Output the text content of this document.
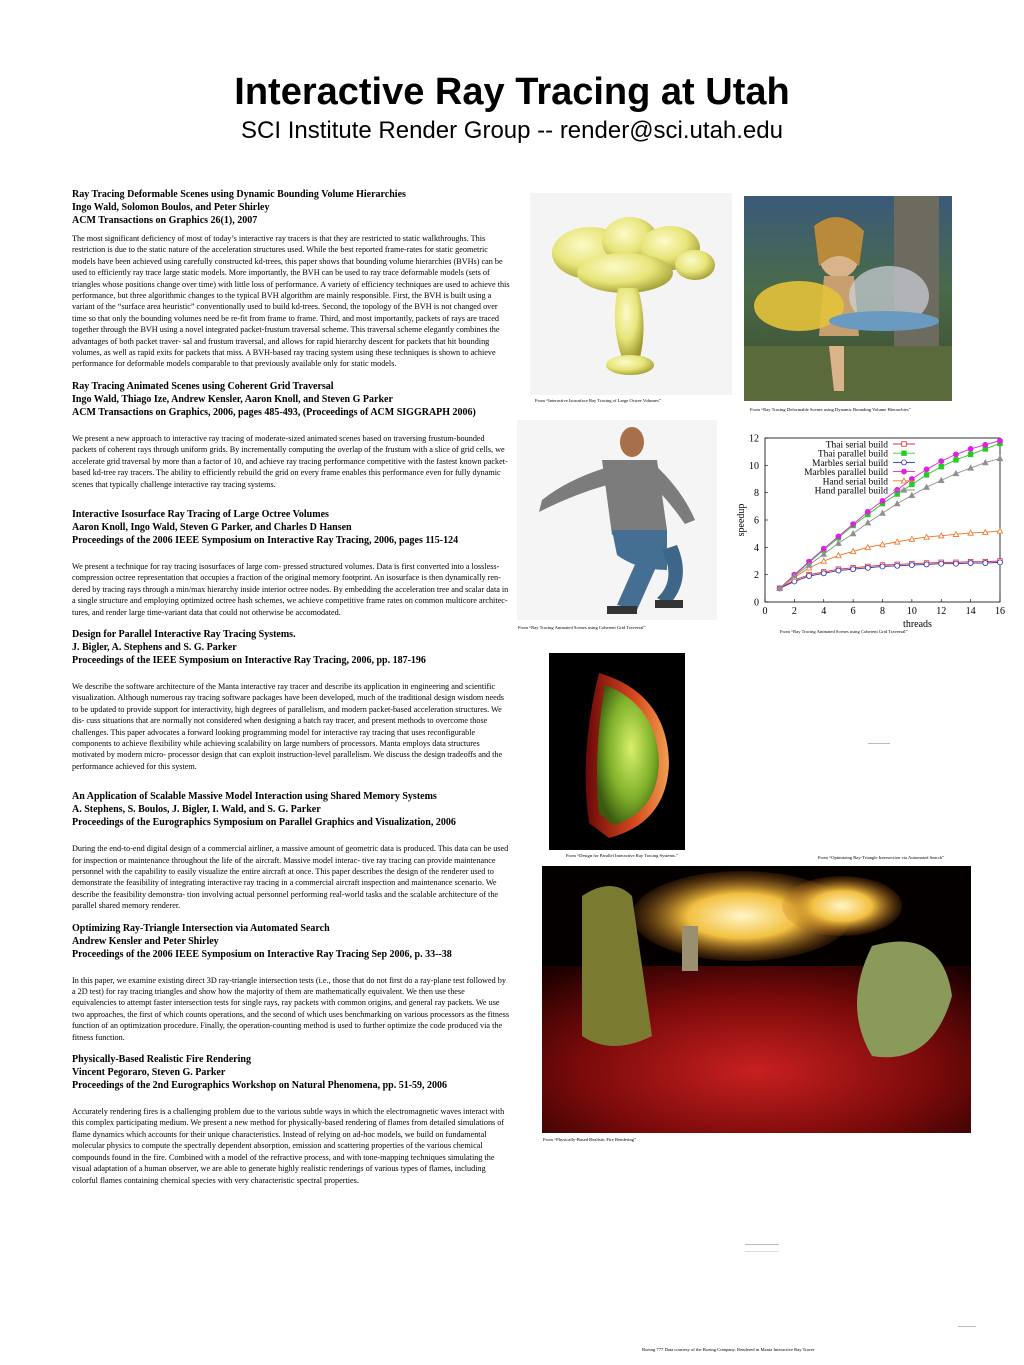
Interactive Ray Tracing at Utah
SCI Institute Render Group -- render@sci.utah.edu
Ray Tracing Deformable Scenes using Dynamic Bounding Volume Hierarchies
Ingo Wald, Solomon Boulos, and Peter Shirley
ACM Transactions on Graphics 26(1), 2007
The most significant deficiency of most of today’s interactive ray tracers is that they are restricted to static walkthroughs. This restriction is due to the static nature of the acceleration structures used. While the best reported frame-rates for static geometric models have been achieved using carefully constructed kd-trees, this paper shows that bounding volume hierarchies (BVHs) can be used to efficiently ray trace large static models. More importantly, the BVH can be used to ray trace deformable models (sets of triangles whose positions change over time) with little loss of performance. A variety of efficiency techniques are used to achieve this performance, but three algorithmic changes to the typical BVH algorithm are mainly responsible. First, the BVH is built using a variant of the “surface area heuristic” conventionally used to build kd-trees. Second, the topology of the BVH is not changed over time so that only the bounding volumes need be re-fit from frame to frame. Third, and most importantly, packets of rays are traced together through the BVH using a novel integrated packet-frustum traversal scheme. This traversal scheme elegantly combines the advantages of both packet traver- sal and frustum traversal, and allows for rapid hierarchy descent for packets that hit bounding volumes, as well as rapid exits for packets that miss. A BVH-based ray tracing system using these techniques is shown to achieve performance for deformable models comparable to that previously available only for static models.
Ray Tracing Animated Scenes using Coherent Grid Traversal
Ingo Wald, Thiago Ize, Andrew Kensler, Aaron Knoll, and Steven G Parker
ACM Transactions on Graphics, 2006, pages 485-493, (Proceedings of ACM SIGGRAPH 2006)
We present a new approach to interactive ray tracing of moderate-sized animated scenes based on traversing frustum-bounded packets of coherent rays through uniform grids. By incrementally computing the overlap of the frustum with a slice of grid cells, we accelerate grid traversal by more than a factor of 10, and achieve ray tracing performance competitive with the fastest known packet-based kd-tree ray tracers. The ability to efficiently rebuild the grid on every frame enables this performance even for fully dynamic scenes that typically challenge interactive ray tracing systems.
Interactive Isosurface Ray Tracing of Large Octree Volumes
Aaron Knoll, Ingo Wald, Steven G Parker, and Charles D Hansen
Proceedings of the 2006 IEEE Symposium on Interactive Ray Tracing, 2006, pages 115-124
We present a technique for ray tracing isosurfaces of large com- pressed structured volumes. Data is first converted into a lossless- compression octree representation that occupies a fraction of the original memory footprint. An isosurface is then dynamically ren- dered by tracing rays through a min/max hierarchy inside interior octree nodes. By embedding the acceleration tree and scalar data in a single structure and employing optimized octree hash schemes, we achieve competitive frame rates on common multicore architec- tures, and render large time-variant data that could not otherwise be accomodated.
Design for Parallel Interactive Ray Tracing Systems.
J. Bigler, A. Stephens and S. G. Parker
Proceedings of the IEEE Symposium on Interactive Ray Tracing, 2006, pp. 187-196
We describe the software architecture of the Manta interactive ray tracer and describe its application in engineering and scientific visualization. Although numerous ray tracing software packages have been developed, much of the traditional design wisdom needs to be updated to provide support for interactivity, high degrees of parallelism, and modern packet-based acceleration structures. We dis- cuss situations that are normally not considered when designing a batch ray tracer, and present methods to overcome those challenges. This paper advocates a forward looking programming model for interactive ray tracing that uses reconfigurable components to achieve flexibility while achieving scalability on large numbers of processors. Manta employs data structures motivated by modern micro- processor design that can exploit instruction-level parallelism. We discuss the design tradeoffs and the performance achieved for this system.
An Application of Scalable Massive Model Interaction using Shared Memory Systems
A. Stephens, S. Boulos, J. Bigler, I. Wald, and S. G. Parker
Proceedings of the Eurographics Symposium on Parallel Graphics and Visualization, 2006
During the end-to-end digital design of a commercial airliner, a massive amount of geometric data is produced. This data can be used for inspection or maintenance throughout the life of the aircraft. Massive model interac- tive ray tracing can provide maintenance personnel with the capability to easily visualize the entire aircraft at once. This paper describes the design of the renderer used to demonstrate the feasibility of integrating interactive ray tracing in a commercial aircraft inspection and maintenance scenario. We describe the feasibility demonstra- tion involving actual personnel performing real-world tasks and the scalable architecture of the parallel shared memory renderer.
Optimizing Ray-Triangle Intersection via Automated Search
Andrew Kensler and Peter Shirley
Proceedings of the 2006 IEEE Symposium on Interactive Ray Tracing Sep 2006, p. 33--38
In this paper, we examine existing direct 3D ray-triangle intersection tests (i.e., those that do not first do a ray-plane test followed by a 2D test) for ray tracing triangles and show how the majority of them are mathematically equivalent. We then use these equivalencies to attempt faster intersection tests for single rays, ray packets with common origins, and general ray packets. We use two approaches, the first of which counts operations, and the second of which uses benchmarking on various processors as the fitness function of an optimization procedure. Finally, the operation-counting method is used to further optimize the code produced via the fitness function.
Physically-Based Realistic Fire Rendering
Vincent Pegoraro, Steven G. Parker
Proceedings of the 2nd Eurographics Workshop on Natural Phenomena, pp. 51-59, 2006
Accurately rendering fires is a challenging problem due to the various subtle ways in which the electromagnetic waves interact with this complex participating medium. We present a new method for physically-based rendering of flames from detailed simulations of flame dynamics which accounts for their unique characteristics. Instead of relying on ad-hoc models, we build on fundamental molecular physics to compute the spectrally dependent absorption, emission and scattering properties of the various chemical compounds found in the fire. Combined with a model of the refractive process, and with tone-mapping techniques simulating the visual adaptation of a human observer, we are able to generate highly realistic renderings of various types of flames, including colorful flames containing chemical species with very characteristic spectral properties.
From “Interactive Isosurface Ray Tracing of Large Octree Volumes”
From “Ray Tracing Deformable Scenes using Dynamic Bounding Volume Hierarchies”
From “Ray Tracing Animated Scenes using Coherent Grid Traversal”
0 2 4 6 8 10 12 14 16
0
2
4
6
8
10
12
threads
speedup
Thai serial build
Thai parallel build
Marbles serial build
Marbles parallel build
Hand serial build
Hand parallel build
From “Ray Tracing Animated Scenes using Coherent Grid Traversal”
From “Design for Parallel Interactive Ray Tracing Systems.”	From “Optimizing Ray-Triangle Intersection via Automated Search”
From “Physically-Based Realistic Fire Rendering”
Boeing 777 Data courtesy of the Boeing Company. Rendered in Manta Interactive Ray Tracer
